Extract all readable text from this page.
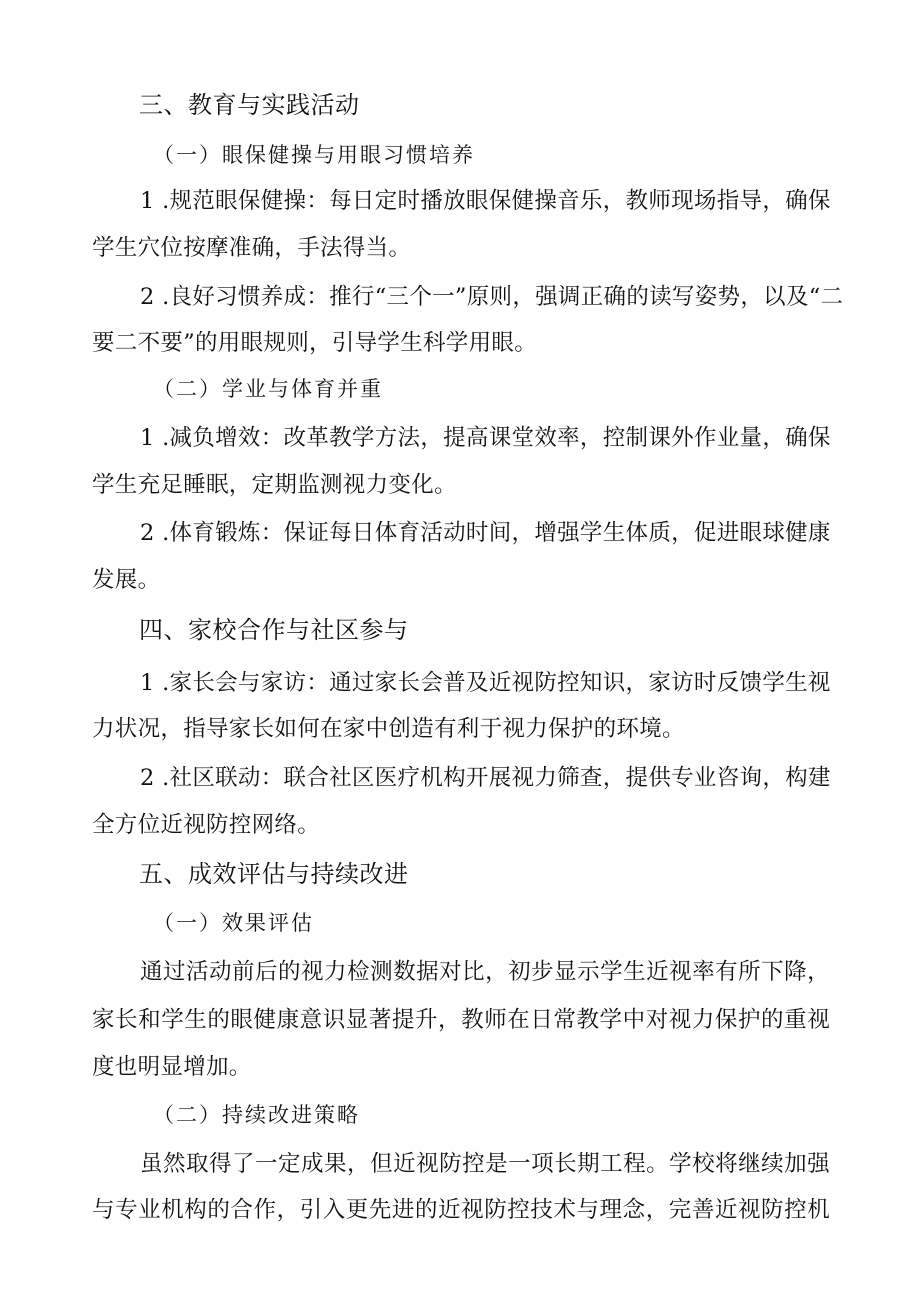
三、教育与实践活动
（一）眼保健操与用眼习惯培养
1 .规范眼保健操：每日定时播放眼保健操音乐，教师现场指导，确保
学生穴位按摩准确，手法得当。
2 .良好习惯养成：推行“三个一”原则，强调正确的读写姿势，以及“二
要二不要”的用眼规则，引导学生科学用眼。
（二）学业与体育并重
1 .减负增效：改革教学方法，提高课堂效率，控制课外作业量，确保
学生充足睡眠，定期监测视力变化。
2 .体育锻炼：保证每日体育活动时间，增强学生体质，促进眼球健康
发展。
四、家校合作与社区参与
1 .家长会与家访：通过家长会普及近视防控知识，家访时反馈学生视
力状况，指导家长如何在家中创造有利于视力保护的环境。
2 .社区联动：联合社区医疗机构开展视力筛查，提供专业咨询，构建
全方位近视防控网络。
五、成效评估与持续改进
（一）效果评估
通过活动前后的视力检测数据对比，初步显示学生近视率有所下降，
家长和学生的眼健康意识显著提升，教师在日常教学中对视力保护的重视
度也明显增加。
（二）持续改进策略
虽然取得了一定成果，但近视防控是一项长期工程。学校将继续加强
与专业机构的合作，引入更先进的近视防控技术与理念，完善近视防控机
